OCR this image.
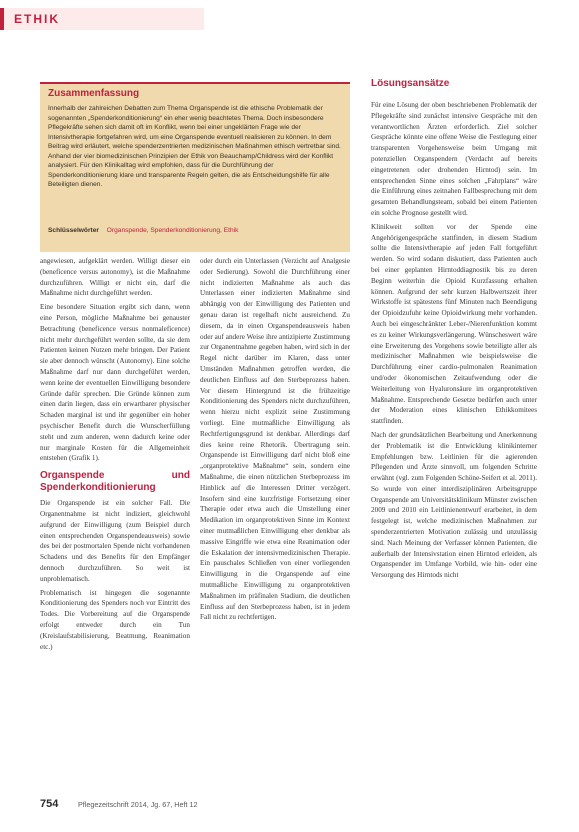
ETHIK
Zusammenfassung
Innerhalb der zahlreichen Debatten zum Thema Organspende ist die ethische Problematik der sogenannten „Spenderkonditionierung“ ein eher wenig beachtetes Thema. Doch insbesondere Pflegekräfte sehen sich damit oft im Konflikt, wenn bei einer ungeklärten Frage wie der Intensivtherapie fortgefahren wird, um eine Organspende eventuell realisieren zu können. In dem Beitrag wird erläutert, welche spenderzentrierten medizinischen Maßnahmen ethisch vertretbar sind. Anhand der vier biomedizinischen Prinzipien der Ethik von Beauchamp/Childress wird der Konflikt analysiert. Für den Klinikalltag wird empfohlen, dass für die Durchführung der Spenderkonditionierung klare und transparente Regeln gelten, die als Entscheidungshilfe für alle Beteiligten dienen.
Schlüsselwörter Organspende, Spenderkonditionierung, Ethik
Lösungsansätze

angewiesen, aufgeklärt werden. Willigt dieser ein (beneficence versus autonomy), ist die Maßnahme durchzuführen. Willigt er nicht ein, darf die Maßnahme nicht durchgeführt werden.

Eine besondere Situation ergibt sich dann, wenn eine Person, mögliche Maßnahme bei genauster Betrachtung (beneficence versus nonmaleficence) nicht mehr durchgeführt werden sollte, da sie dem Patienten keinen Nutzen mehr bringen. Der Patient sie aber dennoch wünscht (Autonomy). Eine solche Maßnahme darf nur dann durchgeführt werden, wenn keine der eventuellen Einwilligung besondere Gründe dafür sprechen. Die Gründe können zum einen darin liegen, dass ein erwartbarer physischer Schaden marginal ist und ihr gegenüber ein hoher psychischer Benefit durch die Wunscherfüllung steht und zum anderen, wenn dadurch keine oder nur marginale Kosten für die Allgemeinheit entstehen (Grafik 1).

Organspende und Spenderkonditionierung

Die Organspende ist ein solcher Fall. Die Organentnahme ist nicht indiziert, gleichwohl aufgrund der Einwilligung (zum Beispiel durch einen entsprechenden Organspendeausweis) sowie des bei der postmortalen Spende nicht vorhandenen Schadens und des Benefits für den Empfänger dennoch durchzuführen. So weit ist unproblematisch.

Problematisch ist hingegen die sogenannte Konditionierung des Spenders noch vor Eintritt des Todes. Die Vorbereitung auf die Organspende erfolgt entweder durch ein Tun (Kreislaufstabilisierung, Beatmung, Reanimation etc.)

oder durch ein Unterlassen (Verzicht auf Analgesie oder Sedierung). Sowohl die Durchführung einer nicht indizierten Maßnahme als auch das Unterlassen einer indizierten Maßnahme sind abhängig von der Einwilligung des Patienten und genau daran ist regelhaft nicht ausreichend. Zu diesem, da in einen Organspendeausweis haben oder auf andere Weise ihre antizipierte Zustimmung zur Organentnahme gegeben haben, wird sich in der Regel nicht darüber im Klaren, dass unter Umständen Maßnahmen getroffen werden, die deutlichen Einfluss auf den Sterbeprozess haben. Vor diesem Hintergrund ist die frühzeitige Konditionierung des Spenders nicht durchzuführen, wenn hierzu nicht explizit seine Zustimmung vorliegt. Eine mutmaßliche Einwilligung als Rechtfertigungsgrund ist denkbar. Allerdings darf dies keine reine Rhetorik. Übertragung sein. Organspende ist Einwilligung darf nicht bloß eine „organprotektive Maßnahme“ sein, sondern eine Maßnahme, die einen nützlichen Sterbeprozess im Hinblick auf die Interessen Dritter verzögert. Insofern sind eine kurzfristige Fortsetzung einer Therapie oder etwa auch die Umstellung einer Medikation im organprotektiven Sinne im Kontext einer mutmaßlichen Einwilligung eher denkbar als massive Eingriffe wie etwa eine Reanimation oder die Eskalation der intensivmedizinischen Therapie. Ein pauschales Schließen von einer vorliegenden Einwilligung in die Organspende auf eine mutmaßliche Einwilligung zu organprotektiven Maßnahmen im präfinalen Stadium, die deutlichen Einfluss auf den Sterbeprozess haben, ist in jedem Fall nicht zu rechtfertigen.

Für eine Lösung der oben beschriebenen Problematik der Pflegekräfte sind zunächst intensive Gespräche mit den verantwortlichen Ärzten erforderlich. Ziel solcher Gespräche könnte eine offene Weise die Festlegung einer transparenten Vorgehensweise beim Umgang mit potenziellen Organspendern (Verdacht auf bereits eingetretenen oder drohenden Hirntod) sein. Im entsprechenden Sinne eines solchen „Fahrplans“ wäre die Einführung eines zeitnahen Fallbesprechung mit dem gesamten Behandlungsteam, sobald bei einem Patienten ein solche Prognose gestellt wird.

Klinikweit sollten vor der Spende eine Angehörigengespräche stattfinden, in diesem Stadium sollte die Intensivtherapie auf jeden Fall fortgeführt werden. So wird sodann diskutiert, dass Patienten auch bei einer geplanten Hirntoddiagnostik bis zu deren Beginn weiterhin die Opioid Kurzfassung erhalten können. Aufgrund der sehr kurzen Halbwertszeit ihrer Wirkstoffe ist spätestens fünf Minuten nach Beendigung der Opioidzufuhr keine Opioidwirkung mehr vorhanden. Auch bei eingeschränkter Leber-/Nierenfunktion kommt es zu keiner Wirkungsverlängerung. Wünscheswert wäre eine Erweiterung des Vorgehens sowie beteiligte aller als medizinischer Maßnahmen wie beispielsweise die Durchführung einer cardio-pulmonalen Reanimation und/oder ökonomischen Zeitaufwendung oder die Weiterleitung von Hyaluronsäure im organprotektiven Maßnahme. Entsprechende Gesetze bedürfen auch unter der Moderation eines klinischen Ethikkomitees stattfinden.

Nach der grundsätzlichen Bearbeitung und Anerkennung der Problematik ist die Entwicklung klinikinterner Empfehlungen bzw. Leitlinien für die agierenden Pflegenden und Ärzte sinnvoll, um folgenden Schritte erwähnt (vgl. zum Folgenden Schöne-Seifert et al. 2011). So wurde von einer interdisziplinären Arbeitsgruppe Organspende am Universitätsklinikum Münster zwischen 2009 und 2010 ein Leitlinienentwurf erarbeitet, in dem festgelegt ist, welche medizinischen Maßnahmen zur spenderzentrierten Motivation zulässig und unzulässig sind. Nach Meinung der Verfasser können Patienten, die außerhalb der Intensivstation einen Hirntod erleiden, als Organspender im Umfange Vorbild, wie hin- oder eine Versorgung des Hirntods nicht

754	Pflegezeitschrift 2014, Jg. 67, Heft 12
